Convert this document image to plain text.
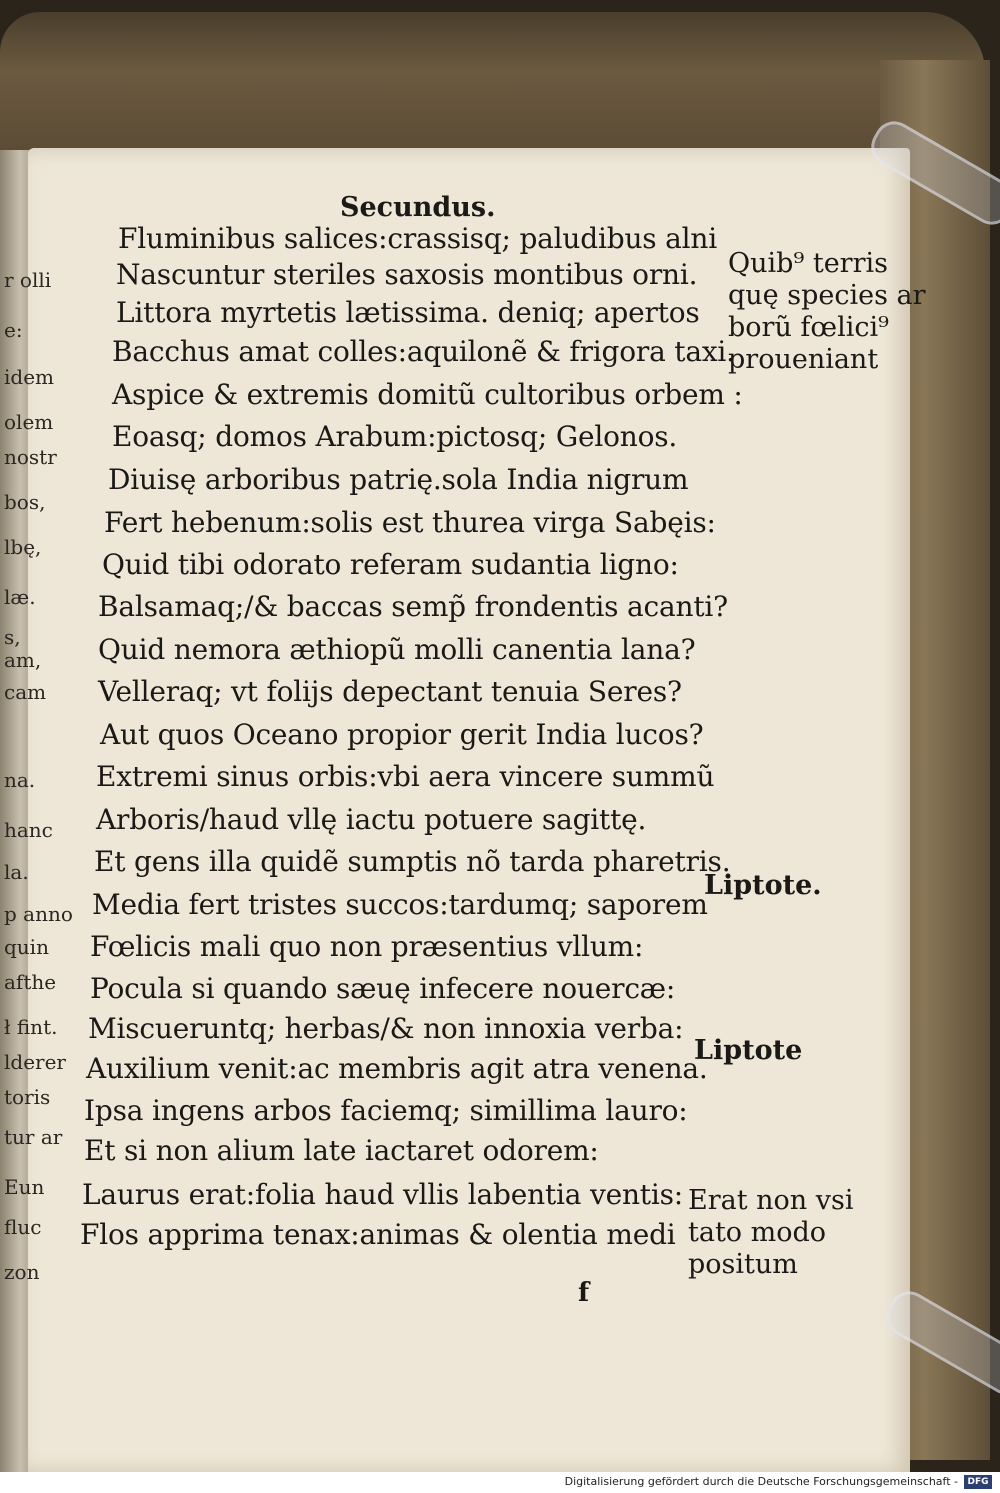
r olli
e:
idem
olem
nostr
bos,
lbę,
læ.
s,
am,
cam
na.
hanc
la.
p anno
quin
afthe
ł fint.
lderer
toris
tur ar
Eun
fluc
zon
Secundus.
Fluminibus salices:crassisq; paludibus alni
Nascuntur steriles saxosis montibus orni.
Littora myrtetis lætissima. deniq; apertos
Bacchus amat colles:aquilonẽ & frigora taxi.
Aspice & extremis domitũ cultoribus orbem :
Eoasq; domos Arabum:pictosq; Gelonos.
Diuisę arboribus patrię.sola India nigrum
Fert hebenum:solis est thurea virga Sabęis:
Quid tibi odorato referam sudantia ligno:
Balsamaq;/& baccas semp̃ frondentis acanti?
Quid nemora æthiopũ molli canentia lana?
Velleraq; vt folijs depectant tenuia Seres?
Aut quos Oceano propior gerit India lucos?
Extremi sinus orbis:vbi aera vincere summũ
Arboris/haud vllę iactu potuere sagittę.
Et gens illa quidẽ sumptis nõ tarda pharetris.
Media fert tristes succos:tardumq; saporem
Fœlicis mali quo non præsentius vllum:
Pocula si quando sæuę infecere nouercæ:
Miscueruntq; herbas/& non innoxia verba:
Auxilium venit:ac membris agit atra venena.
Ipsa ingens arbos faciemq; simillima lauro:
Et si non alium late iactaret odorem:
Laurus erat:folia haud vllis labentia ventis:
Flos apprima tenax:animas & olentia medi
Quib⁹ terris
quę species ar
borũ fœlici⁹
proueniant
Liptote.
Liptote
Erat non vsi
tato modo
positum
f
Digitalisierung gefördert durch die Deutsche Forschungsgemeinschaft -	DFG
